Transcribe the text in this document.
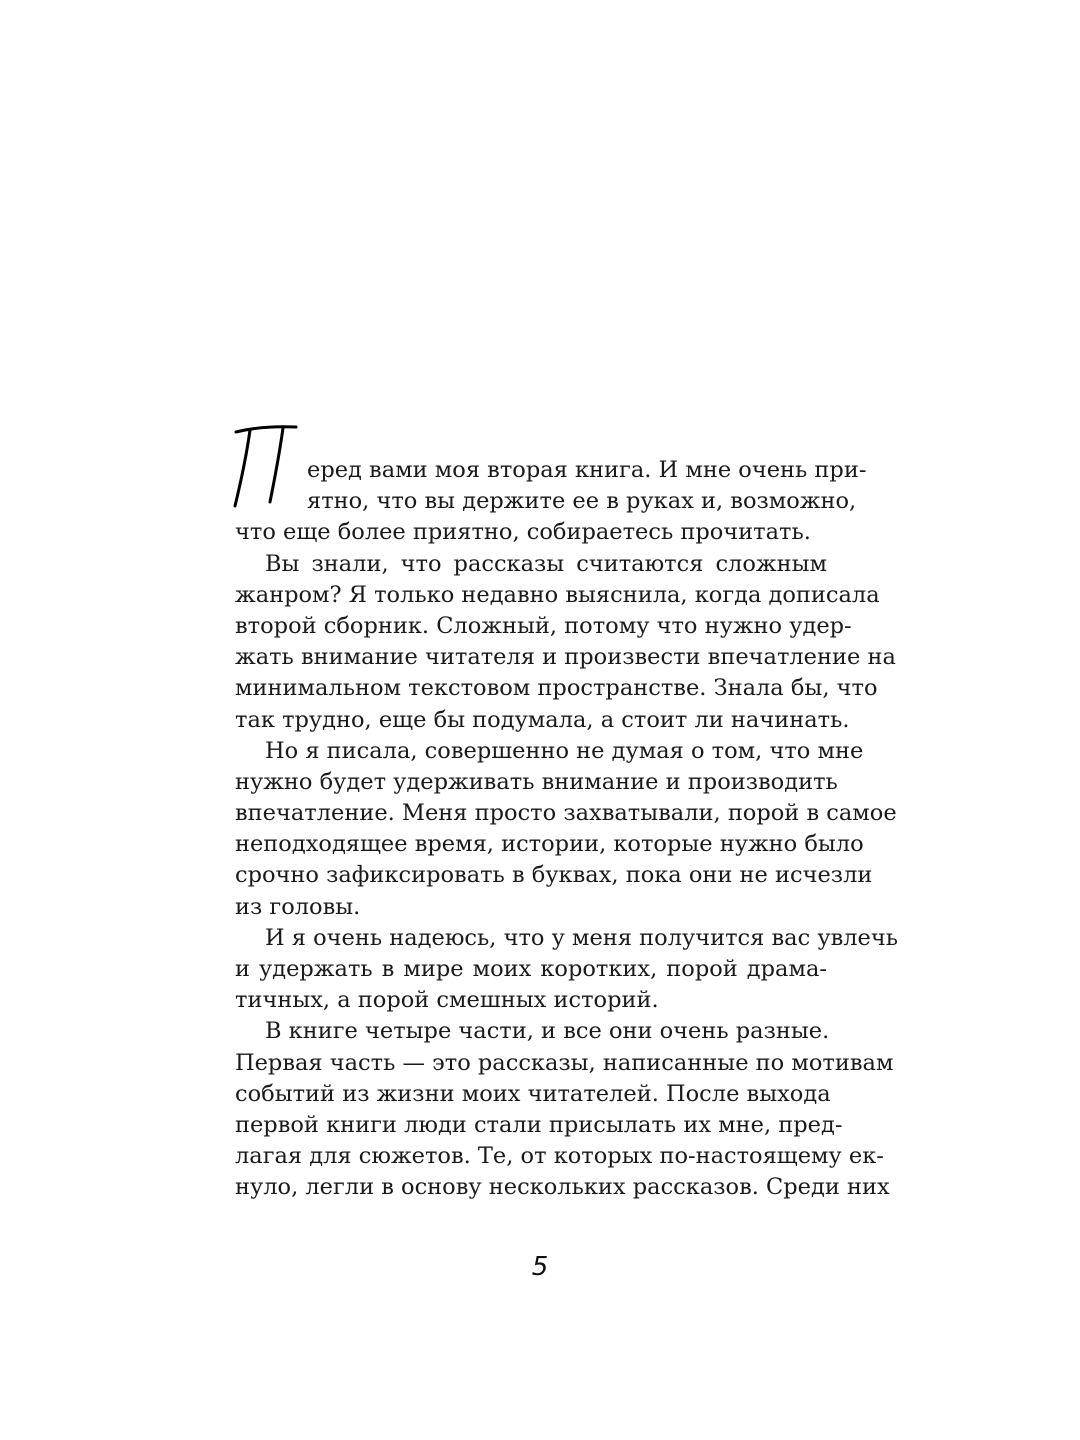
еред вами моя вторая книга. И мне очень при-
ятно, что вы держите ее в руках и, возможно,
что еще более приятно, собираетесь прочитать.
Вы знали, что рассказы считаются сложным
жанром? Я только недавно выяснила, когда дописала
второй сборник. Сложный, потому что нужно удер-
жать внимание читателя и произвести впечатление на
минимальном текстовом пространстве. Знала бы, что
так трудно, еще бы подумала, а стоит ли начинать.
Но я писала, совершенно не думая о том, что мне
нужно будет удерживать внимание и производить
впечатление. Меня просто захватывали, порой в самое
неподходящее время, истории, которые нужно было
срочно зафиксировать в буквах, пока они не исчезли
из головы.
И я очень надеюсь, что у меня получится вас увлечь
и удержать в мире моих коротких, порой драма-
тичных, а порой смешных историй.
В книге четыре части, и все они очень разные.
Первая часть — это рассказы, написанные по мотивам
событий из жизни моих читателей. После выхода
первой книги люди стали присылать их мне, пред-
лагая для сюжетов. Те, от которых по-настоящему ек-
нуло, легли в основу нескольких рассказов. Среди них
5
